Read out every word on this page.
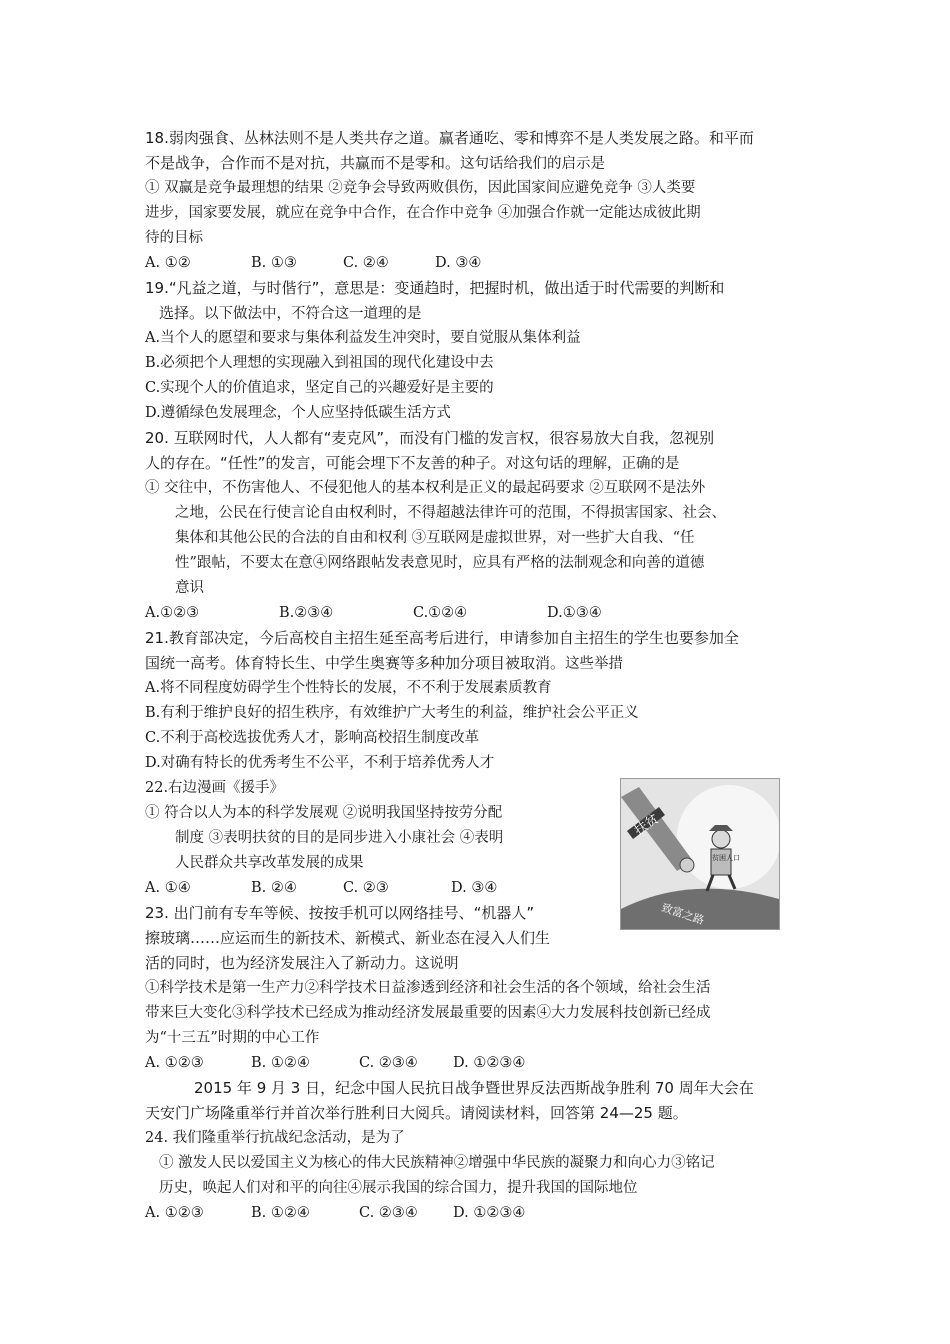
18.弱肉强食、丛林法则不是人类共存之道。赢者通吃、零和博弈不是人类发展之路。和平而
不是战争，合作而不是对抗，共赢而不是零和。这句话给我们的启示是
① 双赢是竞争最理想的结果 ②竞争会导致两败俱伤，因此国家间应避免竞争 ③人类要
进步，国家要发展，就应在竞争中合作，在合作中竞争 ④加强合作就一定能达成彼此期
待的目标
A. ①②	B. ①③	C. ②④	D. ③④
19.“凡益之道，与时偕行”，意思是：变通趋时，把握时机，做出适于时代需要的判断和
选择。以下做法中，不符合这一道理的是
A.当个人的愿望和要求与集体利益发生冲突时，要自觉服从集体利益
B.必须把个人理想的实现融入到祖国的现代化建设中去
C.实现个人的价值追求，坚定自己的兴趣爱好是主要的
D.遵循绿色发展理念，个人应坚持低碳生活方式
20. 互联网时代，人人都有“麦克风”，而没有门槛的发言权，很容易放大自我，忽视别
人的存在。“任性”的发言，可能会埋下不友善的种子。对这句话的理解，正确的是
① 交往中，不伤害他人、不侵犯他人的基本权利是正义的最起码要求 ②互联网不是法外
之地，公民在行使言论自由权利时，不得超越法律许可的范围，不得损害国家、社会、
集体和其他公民的合法的自由和权利 ③互联网是虚拟世界，对一些扩大自我、“任
性”跟帖，不要太在意④网络跟帖发表意见时，应具有严格的法制观念和向善的道德
意识
A.①②③	B.②③④	C.①②④	D.①③④
21.教育部决定，今后高校自主招生延至高考后进行，申请参加自主招生的学生也要参加全
国统一高考。体育特长生、中学生奥赛等多种加分项目被取消。这些举措
A.将不同程度妨碍学生个性特长的发展，不不利于发展素质教育
B.有利于维护良好的招生秩序，有效维护广大考生的利益，维护社会公平正义
C.不利于高校选拔优秀人才，影响高校招生制度改革
D.对确有特长的优秀考生不公平，不利于培养优秀人才
22.右边漫画《援手》
① 符合以人为本的科学发展观 ②说明我国坚持按劳分配
制度 ③表明扶贫的目的是同步进入小康社会 ④表明
人民群众共享改革发展的成果
A. ①④	B. ②④	C. ②③	D. ③④
23. 出门前有专车等候、按按手机可以网络挂号、“机器人”
擦玻璃……应运而生的新技术、新模式、新业态在浸入人们生
活的同时，也为经济发展注入了新动力。这说明
①科学技术是第一生产力②科学技术日益渗透到经济和社会生活的各个领域，给社会生活
带来巨大变化③科学技术已经成为推动经济发展最重要的因素④大力发展科技创新已经成
为“十三五”时期的中心工作
A. ①②③	B. ①②④	C. ②③④ D. ①②③④
2015 年 9 月 3 日，纪念中国人民抗日战争暨世界反法西斯战争胜利 70 周年大会在
天安门广场隆重举行并首次举行胜利日大阅兵。请阅读材料，回答第 24—25 题。
24. 我们隆重举行抗战纪念活动，是为了
① 激发人民以爱国主义为核心的伟大民族精神②增强中华民族的凝聚力和向心力③铭记
历史，唤起人们对和平的向往④展示我国的综合国力，提升我国的国际地位
A. ①②③	B. ①②④	C. ②③④ D. ①②③④
扶贫
贫困人口
致富之路
